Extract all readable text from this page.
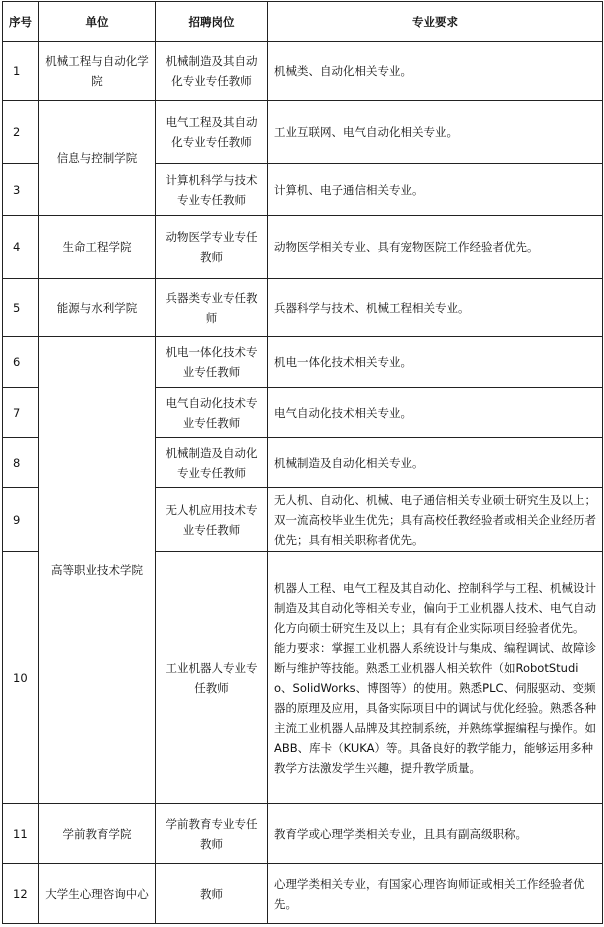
序号	单位	招聘岗位	专业要求
1	机械工程与自动化学院	机械制造及其自动化专业专任教师	机械类、自动化相关专业。
2	信息与控制学院	电气工程及其自动化专业专任教师	工业互联网、电气自动化相关专业。
3		计算机科学与技术专业专任教师	计算机、电子通信相关专业。
4	生命工程学院	动物医学专业专任教师	动物医学相关专业、具有宠物医院工作经验者优先。
5	能源与水利学院	兵器类专业专任教师	兵器科学与技术、机械工程相关专业。
6	高等职业技术学院	机电一体化技术专业专任教师	机电一体化技术相关专业。
7		电气自动化技术专业专任教师	电气自动化技术相关专业。
8		机械制造及自动化专业专任教师	机械制造及自动化相关专业。
9		无人机应用技术专业专任教师	无人机、自动化、机械、电子通信相关专业硕士研究生及以上；双一流高校毕业生优先；具有高校任教经验者或相关企业经历者优先；具有相关职称者优先。
10		工业机器人专业专任教师	机器人工程、电气工程及其自动化、控制科学与工程、机械设计制造及其自动化等相关专业，偏向于工业机器人技术、电气自动化方向硕士研究生及以上；具有有企业实际项目经验者优先。

能力要求：掌握工业机器人系统设计与集成、编程调试、故障诊断与维护等技能。熟悉工业机器人相关软件（如RobotStudio、SolidWorks、博图等）的使用。熟悉PLC、伺服驱动、变频器的原理及应用，具备实际项目中的调试与优化经验。熟悉各种主流工业机器人品牌及其控制系统，并熟练掌握编程与操作。如ABB、库卡（KUKA）等。具备良好的教学能力，能够运用多种教学方法激发学生兴趣，提升教学质量。

11	学前教育学院	学前教育专业专任教师	教育学或心理学类相关专业，且具有副高级职称。
12	大学生心理咨询中心	教师	心理学类相关专业，有国家心理咨询师证或相关工作经验者优先。
